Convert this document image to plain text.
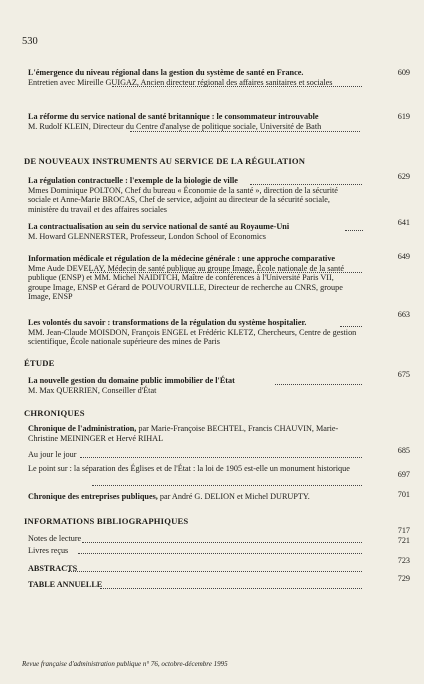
530
L'émergence du niveau régional dans la gestion du système de santé en France.
Entretien avec Mireille GUIGAZ, Ancien directeur régional des affaires sanitaires et sociales
609
La réforme du service national de santé britannique : le consommateur introuvable
M. Rudolf KLEIN, Directeur du Centre d'analyse de politique sociale, Université de Bath
619
DE NOUVEAUX INSTRUMENTS AU SERVICE DE LA RÉGULATION
La régulation contractuelle : l'exemple de la biologie de ville
Mmes Dominique POLTON, Chef du bureau « Économie de la santé », direction de la sécurité sociale et Anne-Marie BROCAS, Chef de service, adjoint au directeur de la sécurité sociale, ministère du travail et des affaires sociales
629
La contractualisation au sein du service national de santé au Royaume-Uni
M. Howard GLENNERSTER, Professeur, London School of Economics
641
Information médicale et régulation de la médecine générale : une approche comparative
Mme Aude DEVELAY, Médecin de santé publique au groupe Image, École nationale de la santé publique (ENSP) et MM. Michel NAIDITCH, Maître de conférences à l'Université Paris VII, groupe Image, ENSP et Gérard de POUVOURVILLE, Directeur de recherche au CNRS, groupe Image, ENSP
649
Les volontés du savoir : transformations de la régulation du système hospitalier.
MM. Jean-Claude MOISDON, François ENGEL et Frédéric KLETZ, Chercheurs, Centre de gestion scientifique, École nationale supérieure des mines de Paris
663
ÉTUDE
La nouvelle gestion du domaine public immobilier de l'État
M. Max QUERRIEN, Conseiller d'État
675
CHRONIQUES
Chronique de l'administration, par Marie-Françoise BECHTEL, Francis CHAUVIN, Marie-Christine MEININGER et Hervé RIHAL
Au jour le jour	685
Le point sur : la séparation des Églises et de l'État : la loi de 1905 est-elle un monument historique
697
Chronique des entreprises publiques, par André G. DELION et Michel DURUPTY.	701
INFORMATIONS BIBLIOGRAPHIQUES
Notes de lecture
717
Livres reçus
721
ABSTRACTS
723
TABLE ANNUELLE
729
Revue française d'administration publique n° 76, octobre-décembre 1995
